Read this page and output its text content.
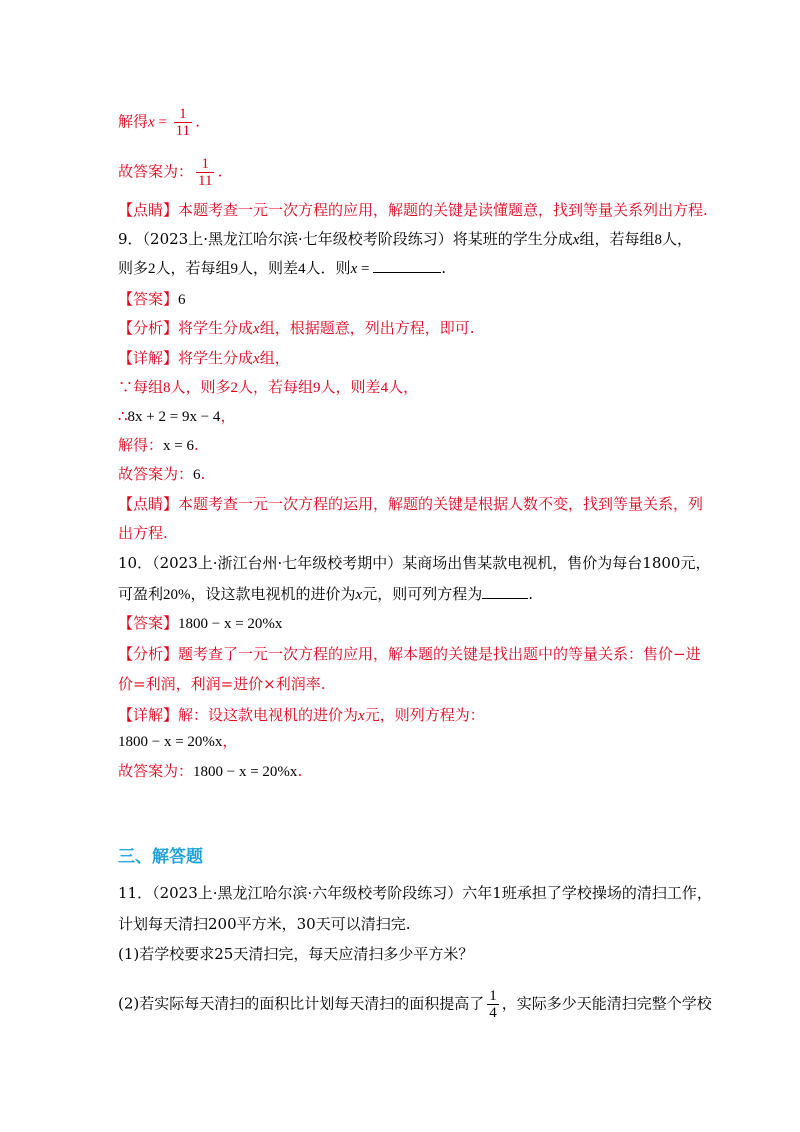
解得$x = \frac{1}{11}$ .
故答案为： $\frac{1}{11}$ .
【点睛】本题考查一元一次方程的应用，解题的关键是读懂题意，找到等量关系列出方程.
9．（2023上·黑龙江哈尔滨·七年级校考阶段练习）将某班的学生分成x组，若每组8人，
则多2人，若每组9人，则差4人．则x =	.
【答案】6
【分析】将学生分成x组，根据题意，列出方程，即可.
【详解】将学生分成x组，
∵每组8人，则多2人，若每组9人，则差4人，
∴8x + 2 = 9x − 4，
解得：x = 6.
故答案为：6.
【点睛】本题考查一元一次方程的运用，解题的关键是根据人数不变，找到等量关系，列
出方程.
10．（2023上·浙江台州·七年级校考期中）某商场出售某款电视机，售价为每台1800元，
可盈利20%，设这款电视机的进价为x元，则可列方程为	.
【答案】1800 − x = 20%x
【分析】题考查了一元一次方程的应用，解本题的关键是找出题中的等量关系：售价−进
价=利润，利润=进价×利润率.
【详解】解：设这款电视机的进价为x元，则列方程为：
1800 − x = 20%x，
故答案为：1800 − x = 20%x.
三、解答题
11．（2023上·黑龙江哈尔滨·六年级校考阶段练习）六年1班承担了学校操场的清扫工作，
计划每天清扫200平方米，30天可以清扫完.
(1)若学校要求25天清扫完，每天应清扫多少平方米？
(2)若实际每天清扫的面积比计划每天清扫的面积提高了 $\frac{1}{4}$ ，实际多少天能清扫完整个学校
